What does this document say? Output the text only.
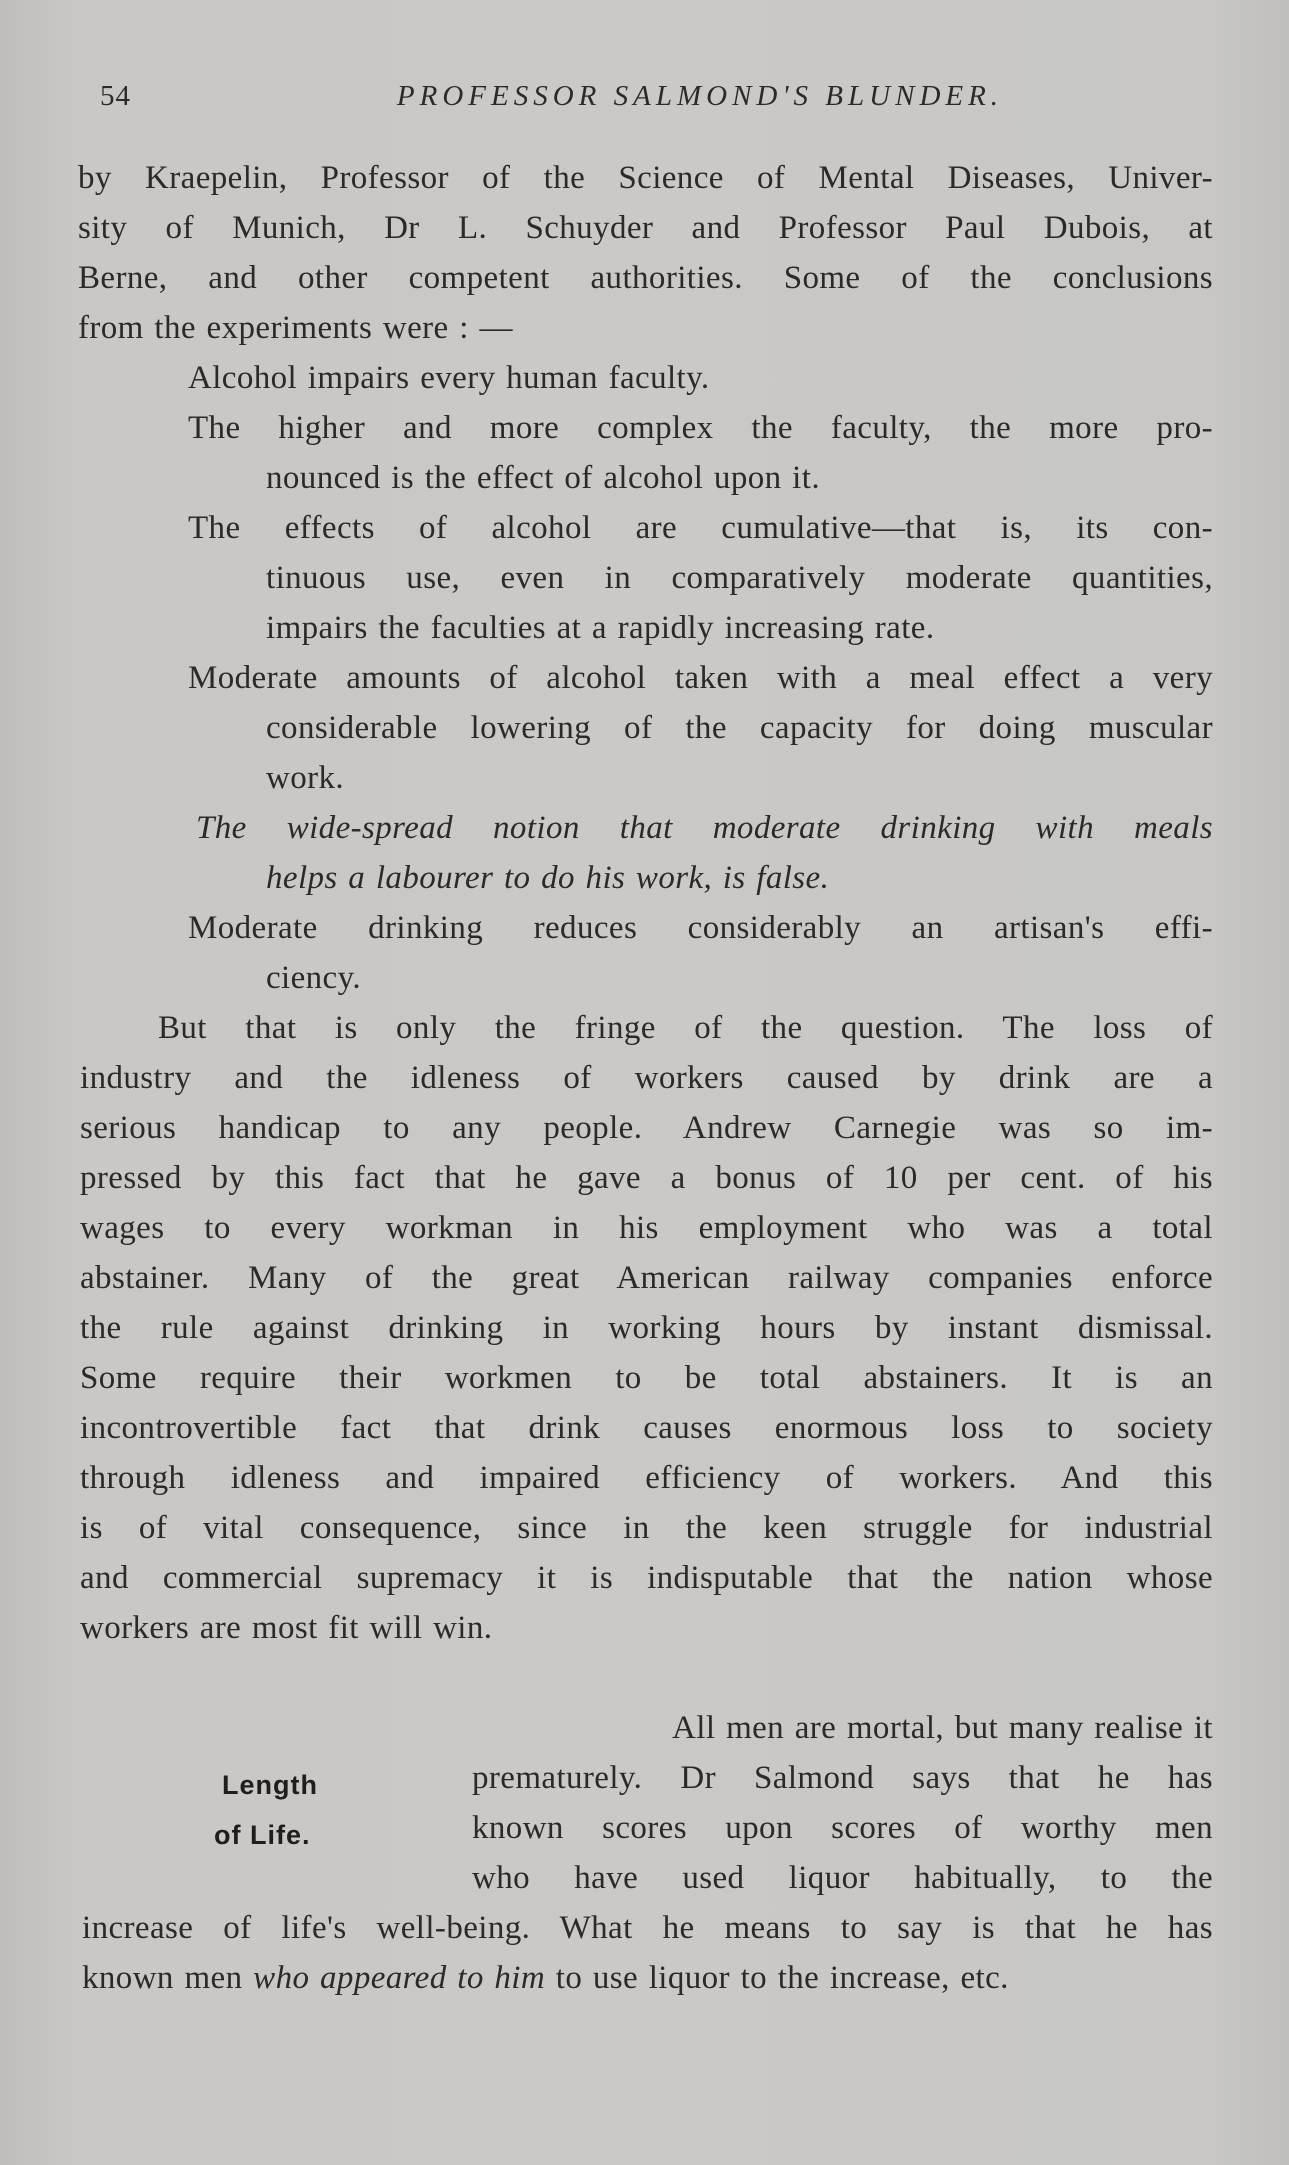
54	PROFESSOR SALMOND'S BLUNDER.
by Kraepelin, Professor of the Science of Mental Diseases, Univer-
sity of Munich, Dr L. Schuyder and Professor Paul Dubois, at
Berne, and other competent authorities. Some of the conclusions
from the experiments were : —
Alcohol impairs every human faculty.
The higher and more complex the faculty, the more pro-
nounced is the effect of alcohol upon it.
The effects of alcohol are cumulative—that is, its con-
tinuous use, even in comparatively moderate quantities,
impairs the faculties at a rapidly increasing rate.
Moderate amounts of alcohol taken with a meal effect a very
considerable lowering of the capacity for doing muscular
work.
The wide-spread notion that moderate drinking with meals
helps a labourer to do his work, is false.
Moderate drinking reduces considerably an artisan's effi-
ciency.
But that is only the fringe of the question. The loss of
industry and the idleness of workers caused by drink are a
serious handicap to any people. Andrew Carnegie was so im-
pressed by this fact that he gave a bonus of 10 per cent. of his
wages to every workman in his employment who was a total
abstainer. Many of the great American railway companies enforce
the rule against drinking in working hours by instant dismissal.
Some require their workmen to be total abstainers. It is an
incontrovertible fact that drink causes enormous loss to society
through idleness and impaired efficiency of workers. And this
is of vital consequence, since in the keen struggle for industrial
and commercial supremacy it is indisputable that the nation whose
workers are most fit will win.
Length
of Life.
All men are mortal, but many realise it
prematurely. Dr Salmond says that he has
known scores upon scores of worthy men
who have used liquor habitually, to the
increase of life's well-being. What he means to say is that he has
known men who appeared to him to use liquor to the increase, etc.
